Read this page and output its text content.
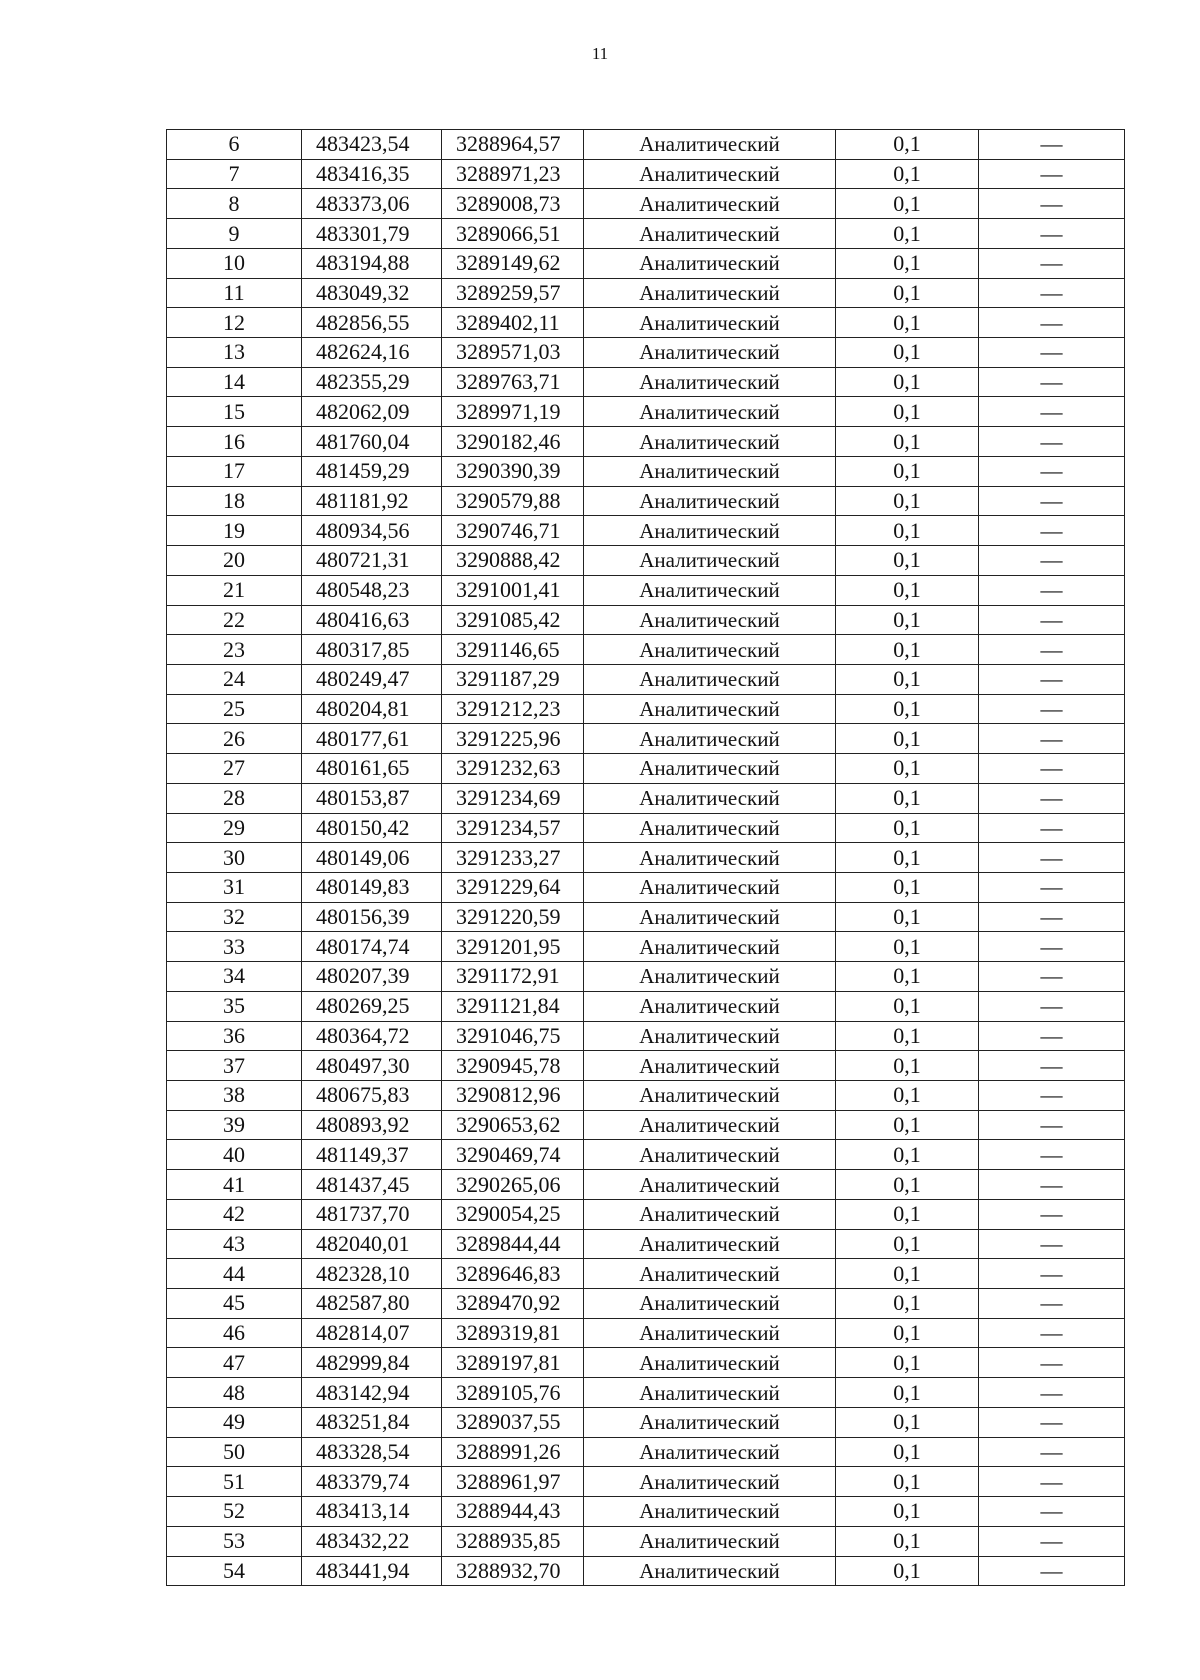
11
6	483423,54	3288964,57	Аналитический	0,1	—
7	483416,35	3288971,23	Аналитический	0,1	—
8	483373,06	3289008,73	Аналитический	0,1	—
9	483301,79	3289066,51	Аналитический	0,1	—
10	483194,88	3289149,62	Аналитический	0,1	—
11	483049,32	3289259,57	Аналитический	0,1	—
12	482856,55	3289402,11	Аналитический	0,1	—
13	482624,16	3289571,03	Аналитический	0,1	—
14	482355,29	3289763,71	Аналитический	0,1	—
15	482062,09	3289971,19	Аналитический	0,1	—
16	481760,04	3290182,46	Аналитический	0,1	—
17	481459,29	3290390,39	Аналитический	0,1	—
18	481181,92	3290579,88	Аналитический	0,1	—
19	480934,56	3290746,71	Аналитический	0,1	—
20	480721,31	3290888,42	Аналитический	0,1	—
21	480548,23	3291001,41	Аналитический	0,1	—
22	480416,63	3291085,42	Аналитический	0,1	—
23	480317,85	3291146,65	Аналитический	0,1	—
24	480249,47	3291187,29	Аналитический	0,1	—
25	480204,81	3291212,23	Аналитический	0,1	—
26	480177,61	3291225,96	Аналитический	0,1	—
27	480161,65	3291232,63	Аналитический	0,1	—
28	480153,87	3291234,69	Аналитический	0,1	—
29	480150,42	3291234,57	Аналитический	0,1	—
30	480149,06	3291233,27	Аналитический	0,1	—
31	480149,83	3291229,64	Аналитический	0,1	—
32	480156,39	3291220,59	Аналитический	0,1	—
33	480174,74	3291201,95	Аналитический	0,1	—
34	480207,39	3291172,91	Аналитический	0,1	—
35	480269,25	3291121,84	Аналитический	0,1	—
36	480364,72	3291046,75	Аналитический	0,1	—
37	480497,30	3290945,78	Аналитический	0,1	—
38	480675,83	3290812,96	Аналитический	0,1	—
39	480893,92	3290653,62	Аналитический	0,1	—
40	481149,37	3290469,74	Аналитический	0,1	—
41	481437,45	3290265,06	Аналитический	0,1	—
42	481737,70	3290054,25	Аналитический	0,1	—
43	482040,01	3289844,44	Аналитический	0,1	—
44	482328,10	3289646,83	Аналитический	0,1	—
45	482587,80	3289470,92	Аналитический	0,1	—
46	482814,07	3289319,81	Аналитический	0,1	—
47	482999,84	3289197,81	Аналитический	0,1	—
48	483142,94	3289105,76	Аналитический	0,1	—
49	483251,84	3289037,55	Аналитический	0,1	—
50	483328,54	3288991,26	Аналитический	0,1	—
51	483379,74	3288961,97	Аналитический	0,1	—
52	483413,14	3288944,43	Аналитический	0,1	—
53	483432,22	3288935,85	Аналитический	0,1	—
54	483441,94	3288932,70	Аналитический	0,1	—
